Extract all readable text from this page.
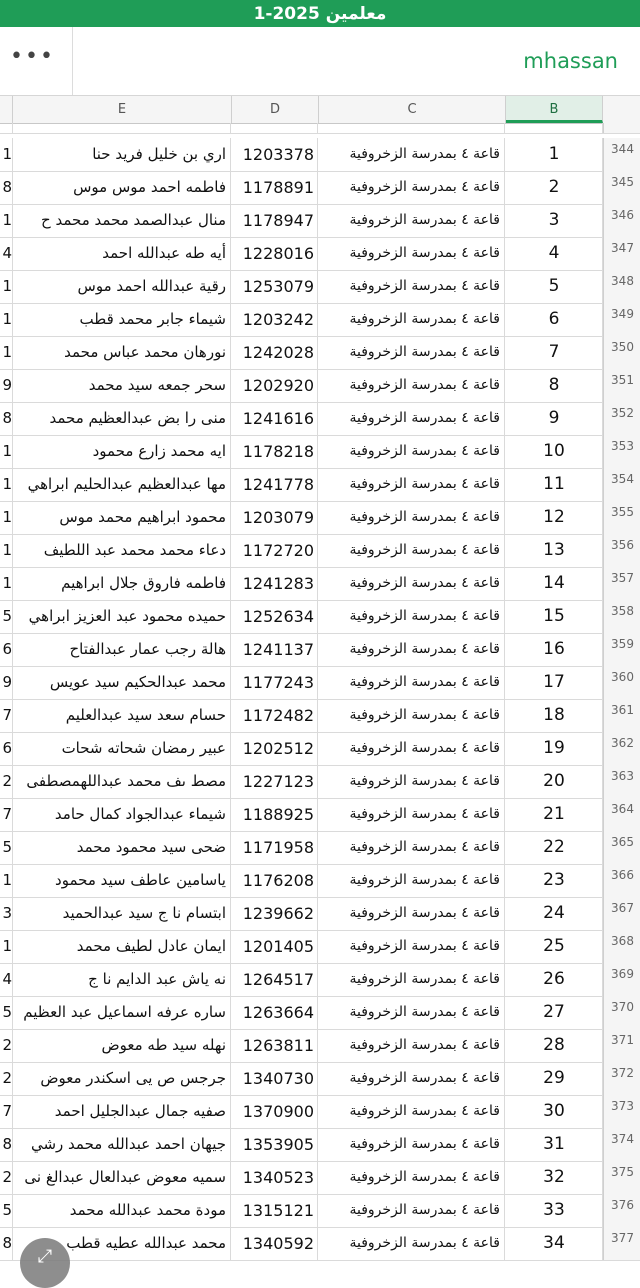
معلمين 2025-1
•••	mhassan
E	D	C	B
1	اري بن خليل فريد حنا	1203378	قاعة ٤ بمدرسة الزخروفية	1	344
8	فاطمه احمد موس موس	1178891	قاعة ٤ بمدرسة الزخروفية	2	345
1	منال عبدالصمد محمد محمد ح	1178947	قاعة ٤ بمدرسة الزخروفية	3	346
4	أيه طه عبدالله احمد	1228016	قاعة ٤ بمدرسة الزخروفية	4	347
1	رقية عبدالله احمد موس	1253079	قاعة ٤ بمدرسة الزخروفية	5	348
1	شيماء جابر محمد قطب	1203242	قاعة ٤ بمدرسة الزخروفية	6	349
1	نورهان محمد عباس محمد	1242028	قاعة ٤ بمدرسة الزخروفية	7	350
9	سحر جمعه سيد محمد	1202920	قاعة ٤ بمدرسة الزخروفية	8	351
8	منى را بض عبدالعظيم محمد	1241616	قاعة ٤ بمدرسة الزخروفية	9	352
1	ايه محمد زارع محمود	1178218	قاعة ٤ بمدرسة الزخروفية	10	353
1	مها عبدالعظيم عبدالحليم ابراهي	1241778	قاعة ٤ بمدرسة الزخروفية	11	354
1	محمود ابراهيم محمد موس	1203079	قاعة ٤ بمدرسة الزخروفية	12	355
1	دعاء محمد محمد عبد اللطيف	1172720	قاعة ٤ بمدرسة الزخروفية	13	356
1	فاطمه فاروق جلال ابراهيم	1241283	قاعة ٤ بمدرسة الزخروفية	14	357
5	حميده محمود عبد العزيز ابراهي	1252634	قاعة ٤ بمدرسة الزخروفية	15	358
6	هالة رجب عمار عبدالفتاح	1241137	قاعة ٤ بمدرسة الزخروفية	16	359
9	محمد عبدالحكيم سيد عويس	1177243	قاعة ٤ بمدرسة الزخروفية	17	360
7	حسام سعد سيد عبدالعليم	1172482	قاعة ٤ بمدرسة الزخروفية	18	361
6	عبير رمضان شحاته شحات	1202512	قاعة ٤ بمدرسة الزخروفية	19	362
2 مصط ىف محمد عبداللهمصطفى	1227123	قاعة ٤ بمدرسة الزخروفية	20	363
7	شيماء عبدالجواد كمال حامد	1188925	قاعة ٤ بمدرسة الزخروفية	21	364
5	ضحى سيد محمود محمد	1171958	قاعة ٤ بمدرسة الزخروفية	22	365
1	ياسامين عاطف سيد محمود	1176208	قاعة ٤ بمدرسة الزخروفية	23	366
3	ابتسام نا ج سيد عبدالحميد	1239662	قاعة ٤ بمدرسة الزخروفية	24	367
1	ايمان عادل لطيف محمد	1201405	قاعة ٤ بمدرسة الزخروفية	25	368
4	نه ياش عبد الدايم نا ج	1264517	قاعة ٤ بمدرسة الزخروفية	26	369
5 ساره عرفه اسماعيل عبد العظيم	1263664	قاعة ٤ بمدرسة الزخروفية	27	370
2	نهله سيد طه معوض	1263811	قاعة ٤ بمدرسة الزخروفية	28	371
2	جرجس ص يى اسكندر معوض	1340730	قاعة ٤ بمدرسة الزخروفية	29	372
7	صفيه جمال عبدالجليل احمد	1370900	قاعة ٤ بمدرسة الزخروفية	30	373
8	جيهان احمد عبدالله محمد رشي	1353905	قاعة ٤ بمدرسة الزخروفية	31	374
2 سميه معوض عبدالعال عبدالغ نى	1340523	قاعة ٤ بمدرسة الزخروفية	32	375
5	مودة محمد عبدالله محمد	1315121	قاعة ٤ بمدرسة الزخروفية	33	376
8	محمد عبدالله عطيه قطب	1340592	قاعة ٤ بمدرسة الزخروفية	34	377
⤢
